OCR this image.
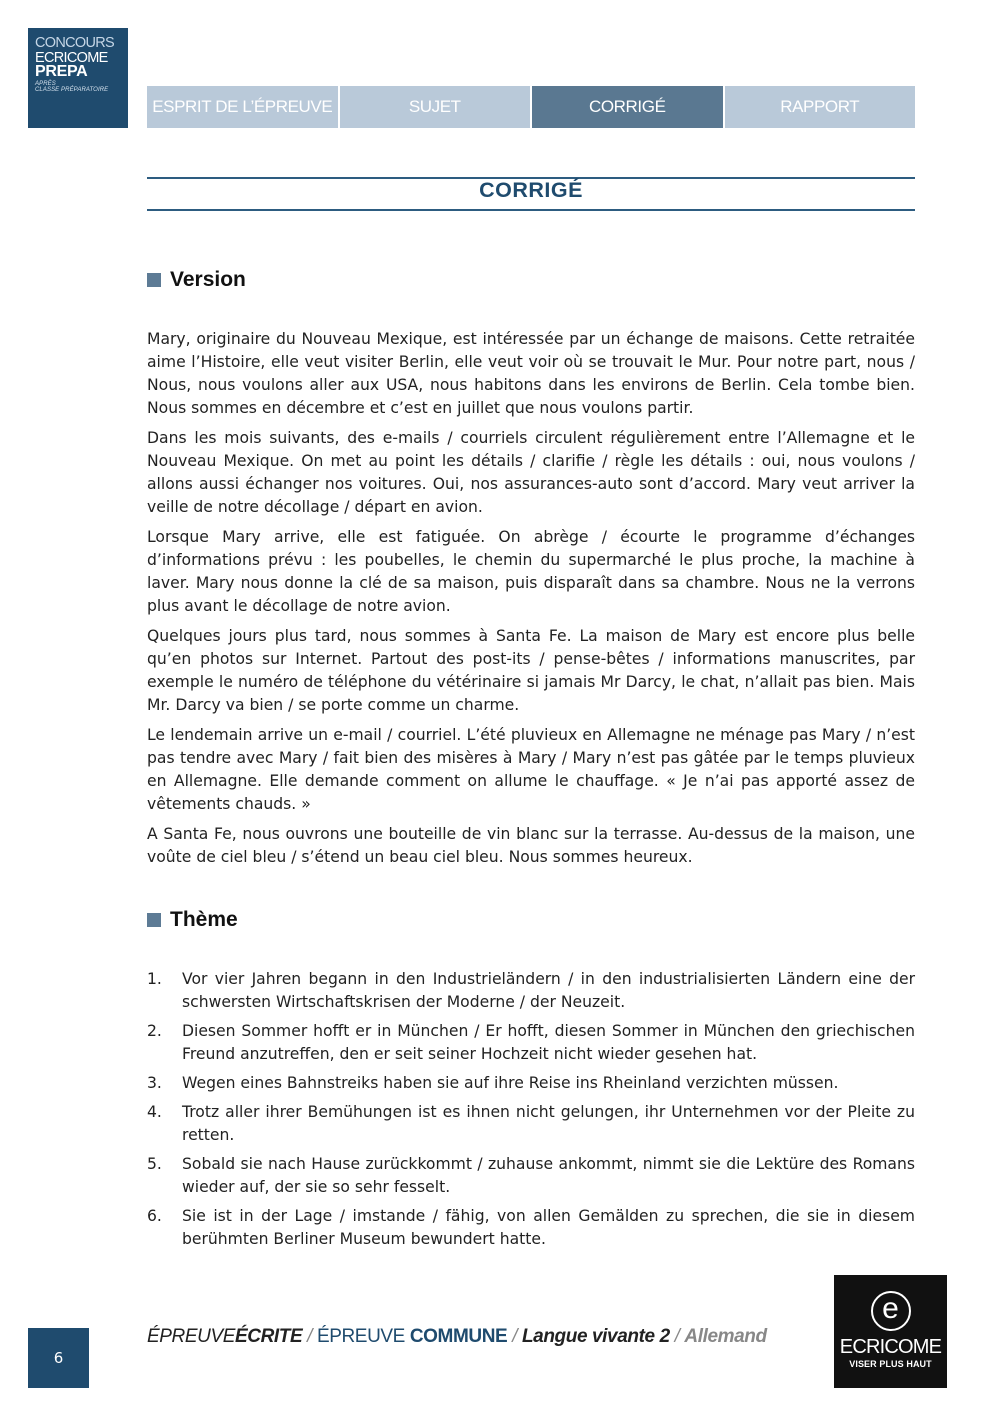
CONCOURS
ECRICOME
PREPA
APRÈS
CLASSE PRÉPARATOIRE
ESPRIT DE L’ÉPREUVE	SUJET	CORRIGÉ	RAPPORT
CORRIGÉ
Version

Mary, originaire du Nouveau Mexique, est intéressée par un échange de maisons. Cette retraitée aime l’Histoire, elle veut visiter Berlin, elle veut voir où se trouvait le Mur. Pour notre part, nous / Nous, nous voulons aller aux USA, nous habitons dans les environs de Berlin. Cela tombe bien. Nous sommes en décembre et c’est en juillet que nous voulons partir.

Dans les mois suivants, des e-mails / courriels circulent régulièrement entre l’Allemagne et le Nouveau Mexique. On met au point les détails / clarifie / règle les détails : oui, nous voulons / allons aussi échanger nos voitures. Oui, nos assurances-auto sont d’accord. Mary veut arriver la veille de notre décollage / départ en avion.

Lorsque Mary arrive, elle est fatiguée. On abrège / écourte le programme d’échanges d’informations prévu : les poubelles, le chemin du supermarché le plus proche, la machine à laver. Mary nous donne la clé de sa maison, puis disparaît dans sa chambre. Nous ne la verrons plus avant le décollage de notre avion.

Quelques jours plus tard, nous sommes à Santa Fe. La maison de Mary est encore plus belle qu’en photos sur Internet. Partout des post-its / pense-bêtes / informations manuscrites, par exemple le numéro de téléphone du vétérinaire si jamais Mr Darcy, le chat, n’allait pas bien. Mais Mr. Darcy va bien / se porte comme un charme.

Le lendemain arrive un e-mail / courriel. L’été pluvieux en Allemagne ne ménage pas Mary / n’est pas tendre avec Mary / fait bien des misères à Mary / Mary n’est pas gâtée par le temps pluvieux en Allemagne. Elle demande comment on allume le chauffage. « Je n’ai pas apporté assez de vêtements chauds. »

A Santa Fe, nous ouvrons une bouteille de vin blanc sur la terrasse. Au-dessus de la maison, une voûte de ciel bleu / s’étend un beau ciel bleu. Nous sommes heureux.

Thème
1.	Vor vier Jahren begann in den Industrieländern / in den industrialisierten Ländern eine der schwersten Wirtschaftskrisen der Moderne / der Neuzeit.
2.	Diesen Sommer hofft er in München / Er hofft, diesen Sommer in München den griechischen Freund anzutreffen, den er seit seiner Hochzeit nicht wieder gesehen hat.
3.	Wegen eines Bahnstreiks haben sie auf ihre Reise ins Rheinland verzichten müssen.
4.	Trotz aller ihrer Bemühungen ist es ihnen nicht gelungen, ihr Unternehmen vor der Pleite zu retten.
5.	Sobald sie nach Hause zurückkommt / zuhause ankommt, nimmt sie die Lektüre des Romans wieder auf, der sie so sehr fesselt.
6.	Sie ist in der Lage / imstande / fähig, von allen Gemälden zu sprechen, die sie in diesem berühmten Berliner Museum bewundert hatte.
6
ÉPREUVEÉCRITE / ÉPREUVE COMMUNE / Langue vivante 2 / Allemand
e
ECRICOME
VISER PLUS HAUT
